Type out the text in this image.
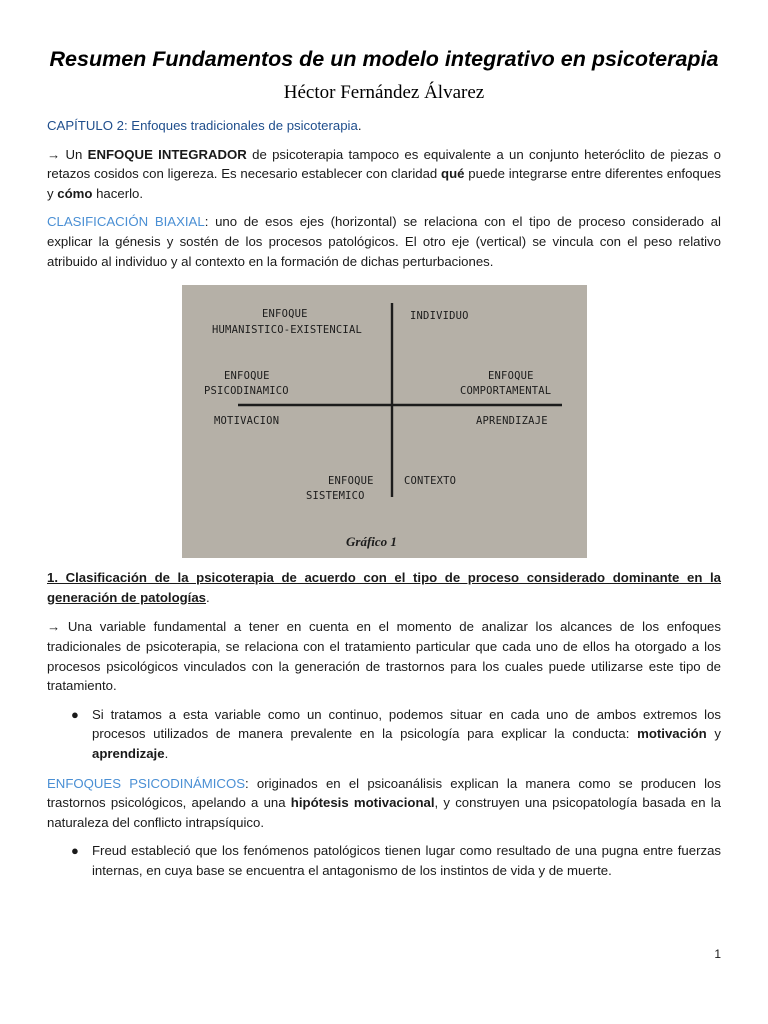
Resumen Fundamentos de un modelo integrativo en psicoterapia
Héctor Fernández Álvarez

CAPÍTULO 2: Enfoques tradicionales de psicoterapia.

→ Un ENFOQUE INTEGRADOR de psicoterapia tampoco es equivalente a un conjunto heteróclito de piezas o retazos cosidos con ligereza. Es necesario establecer con claridad qué puede integrarse entre diferentes enfoques y cómo hacerlo.

CLASIFICACIÓN BIAXIAL: uno de esos ejes (horizontal) se relaciona con el tipo de proceso considerado al explicar la génesis y sostén de los procesos patológicos. El otro eje (vertical) se vincula con el peso relativo atribuido al individuo y al contexto en la formación de dichas perturbaciones.

ENFOQUE
HUMANISTICO-EXISTENCIAL
INDIVIDUO
ENFOQUE
PSICODINAMICO
ENFOQUE
COMPORTAMENTAL
MOTIVACION	APRENDIZAJE
ENFOQUE
SISTEMICO
CONTEXTO
Gráfico 1

1. Clasificación de la psicoterapia de acuerdo con el tipo de proceso considerado dominante en la generación de patologías.

→ Una variable fundamental a tener en cuenta en el momento de analizar los alcances de los enfoques tradicionales de psicoterapia, se relaciona con el tratamiento particular que cada uno de ellos ha otorgado a los procesos psicológicos vinculados con la generación de trastornos para los cuales puede utilizarse este tipo de tratamiento.

● Si tratamos a esta variable como un continuo, podemos situar en cada uno de ambos extremos los procesos utilizados de manera prevalente en la psicología para explicar la conducta: motivación y aprendizaje.

ENFOQUES PSICODINÁMICOS: originados en el psicoanálisis explican la manera como se producen los trastornos psicológicos, apelando a una hipótesis motivacional, y construyen una psicopatología basada en la naturaleza del conflicto intrapsíquico.

● Freud estableció que los fenómenos patológicos tienen lugar como resultado de una pugna entre fuerzas internas, en cuya base se encuentra el antagonismo de los instintos de vida y de muerte.
1
